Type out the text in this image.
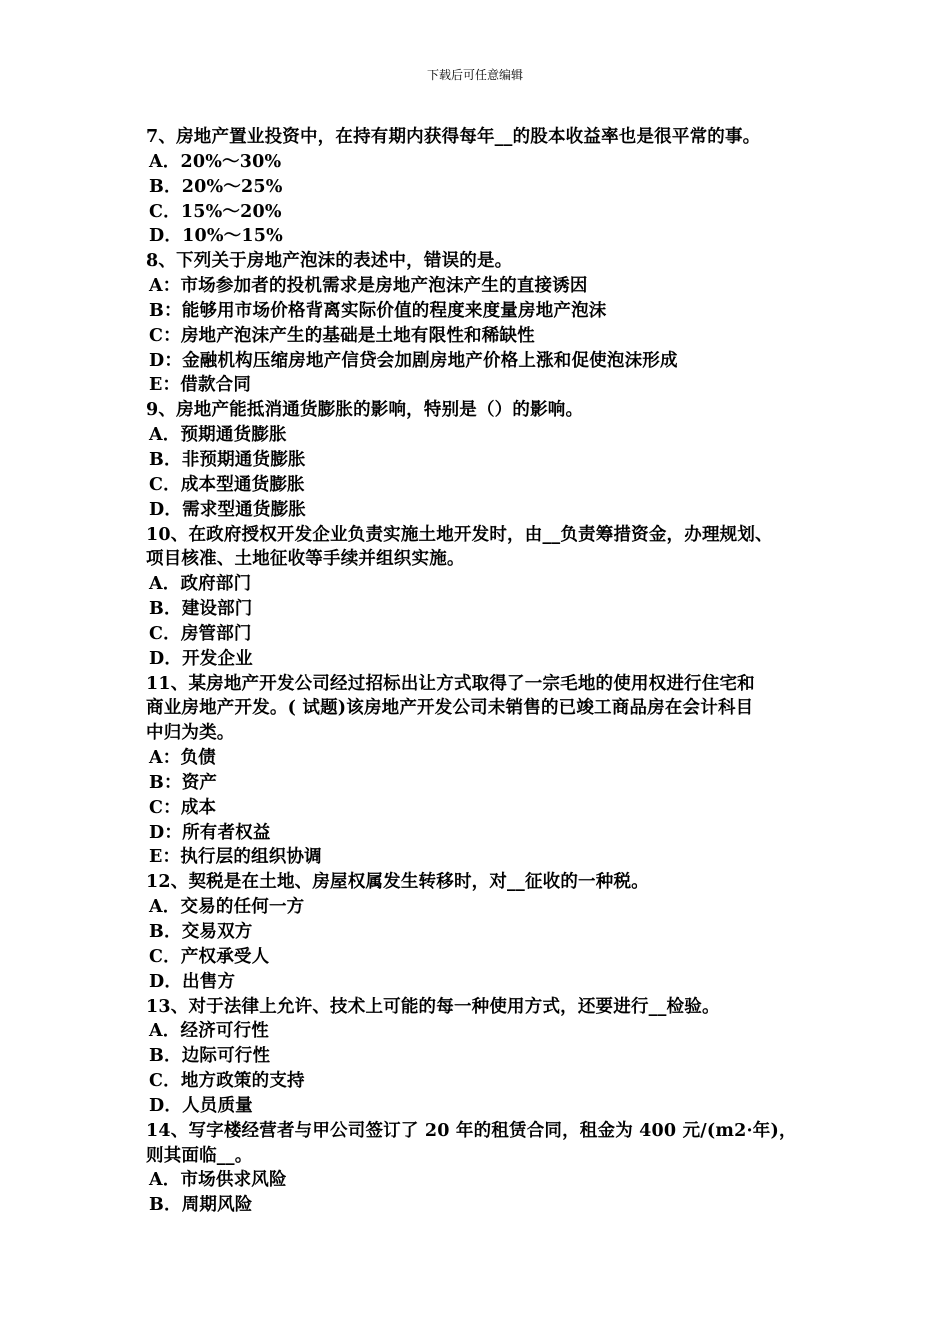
下载后可任意编辑
7、房地产置业投资中，在持有期内获得每年__的股本收益率也是很平常的事。
A．20%～30%
B．20%～25%
C．15%～20%
D．10%～15%
8、下列关于房地产泡沫的表述中，错误的是。
A：市场参加者的投机需求是房地产泡沫产生的直接诱因
B：能够用市场价格背离实际价值的程度来度量房地产泡沫
C：房地产泡沫产生的基础是土地有限性和稀缺性
D：金融机构压缩房地产信贷会加剧房地产价格上涨和促使泡沫形成
E：借款合同
9、房地产能抵消通货膨胀的影响，特别是（）的影响。
A．预期通货膨胀
B．非预期通货膨胀
C．成本型通货膨胀
D．需求型通货膨胀
10、在政府授权开发企业负责实施土地开发时，由__负责筹措资金，办理规划、
项目核准、土地征收等手续并组织实施。
A．政府部门
B．建设部门
C．房管部门
D．开发企业
11、某房地产开发公司经过招标出让方式取得了一宗毛地的使用权进行住宅和
商业房地产开发。( 试题)该房地产开发公司未销售的已竣工商品房在会计科目
中归为类。
A：负债
B：资产
C：成本
D：所有者权益
E：执行层的组织协调
12、契税是在土地、房屋权属发生转移时，对__征收的一种税。
A．交易的任何一方
B．交易双方
C．产权承受人
D．出售方
13、对于法律上允许、技术上可能的每一种使用方式，还要进行__检验。
A．经济可行性
B．边际可行性
C．地方政策的支持
D．人员质量
14、写字楼经营者与甲公司签订了 20 年的租赁合同，租金为 400 元/(m2·年)，
则其面临__。
A．市场供求风险
B．周期风险
